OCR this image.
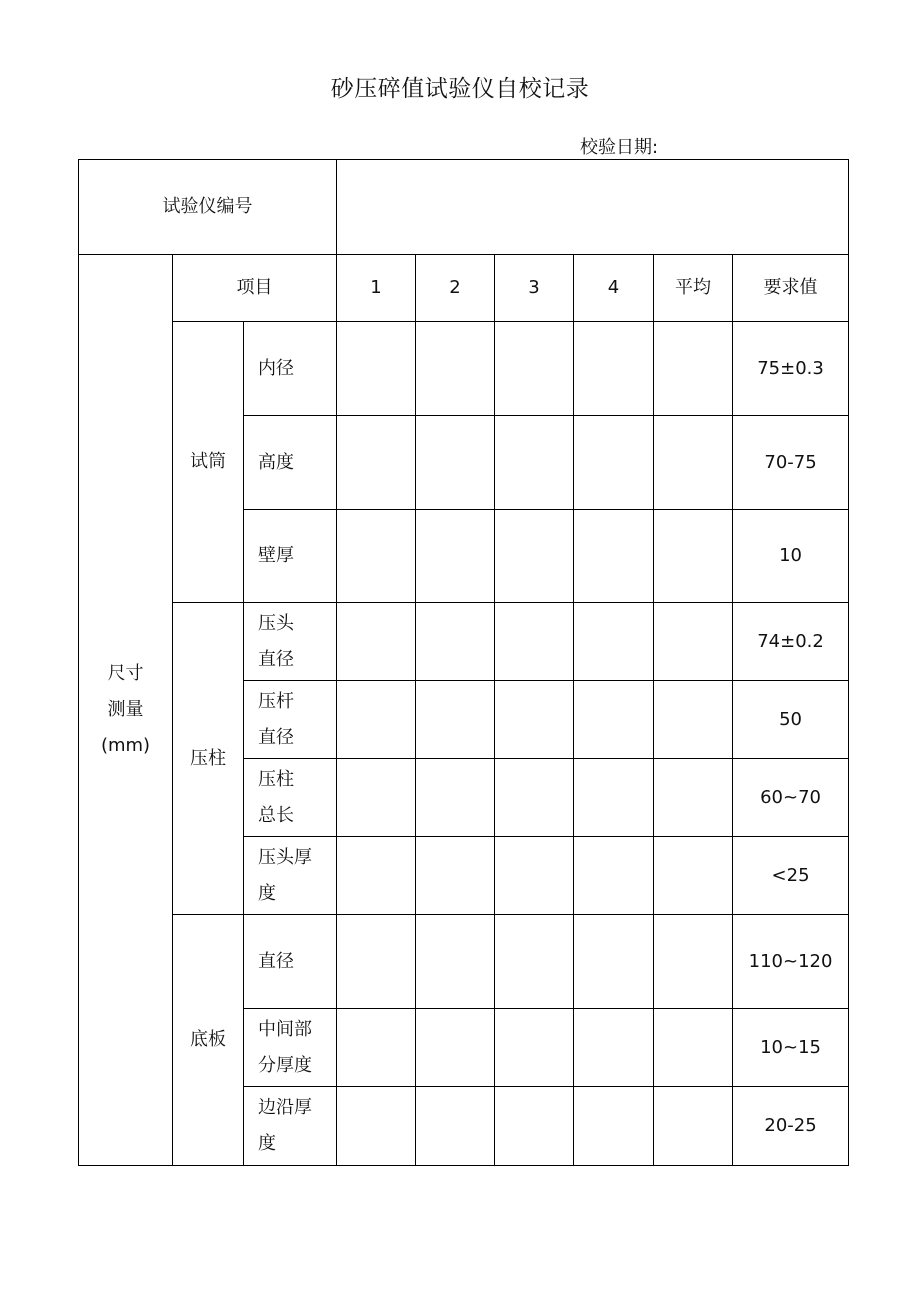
砂压碎值试验仪自校记录
校验日期:
试验仪编号								

尺寸
测量
(mm)	项目		1	2	3	4	平均	要求值
	试筒	内径						75±0.3

		高度						70-75

		壁厚						10
	压柱	压头
直径						74±0.2

		压杆
直径						50

		压柱
总长						60~70

		压头厚
度						<25
	底板	直径						110~120

		中间部
分厚度						10~15

		边沿厚
度						20-25
